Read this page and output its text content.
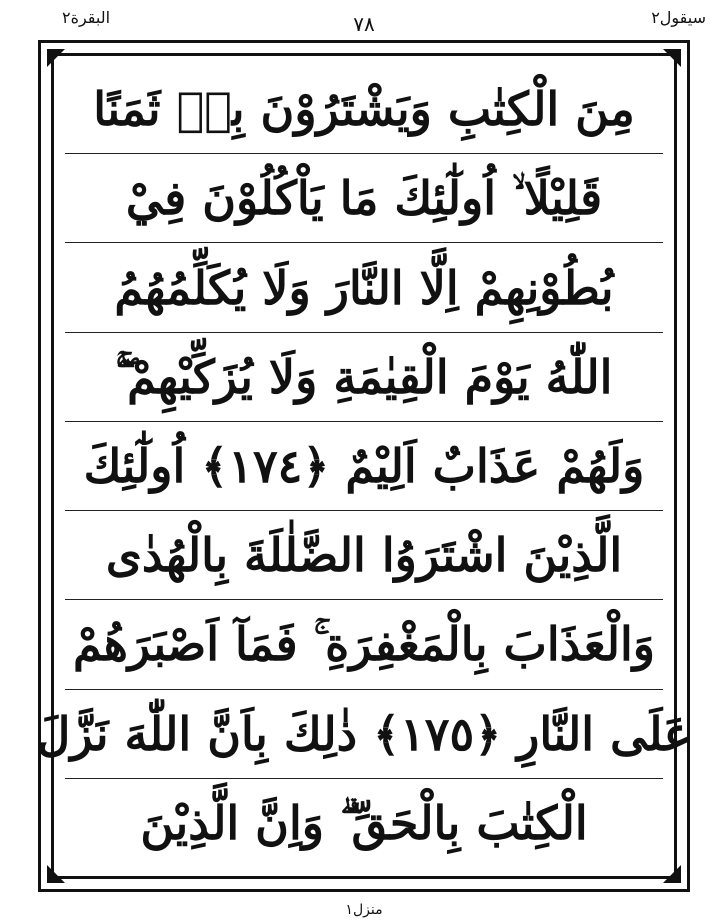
البقرة٢	٧٨	سيقول٢
مِنَ الْكِتٰبِ وَيَشْتَرُوْنَ بِهٖ ثَمَنًا
قَلِيْلًا ۙ اُولٰٓئِكَ مَا يَاْكُلُوْنَ فِيْ
بُطُوْنِهِمْ اِلَّا النَّارَ وَلَا يُكَلِّمُهُمُ
اللّٰهُ يَوْمَ الْقِيٰمَةِ وَلَا يُزَكِّيْهِمْ ۖۚ
وَلَهُمْ عَذَابٌ اَلِيْمٌ ﴿١٧٤﴾ اُولٰٓئِكَ
الَّذِيْنَ اشْتَرَوُا الضَّلٰلَةَ بِالْهُدٰى
وَالْعَذَابَ بِالْمَغْفِرَةِ ۚ فَمَآ اَصْبَرَهُمْ
عَلَى النَّارِ ﴿١٧٥﴾ ذٰلِكَ بِاَنَّ اللّٰهَ نَزَّلَ
الْكِتٰبَ بِالْحَقِّ ۗ وَاِنَّ الَّذِيْنَ
منزل١
